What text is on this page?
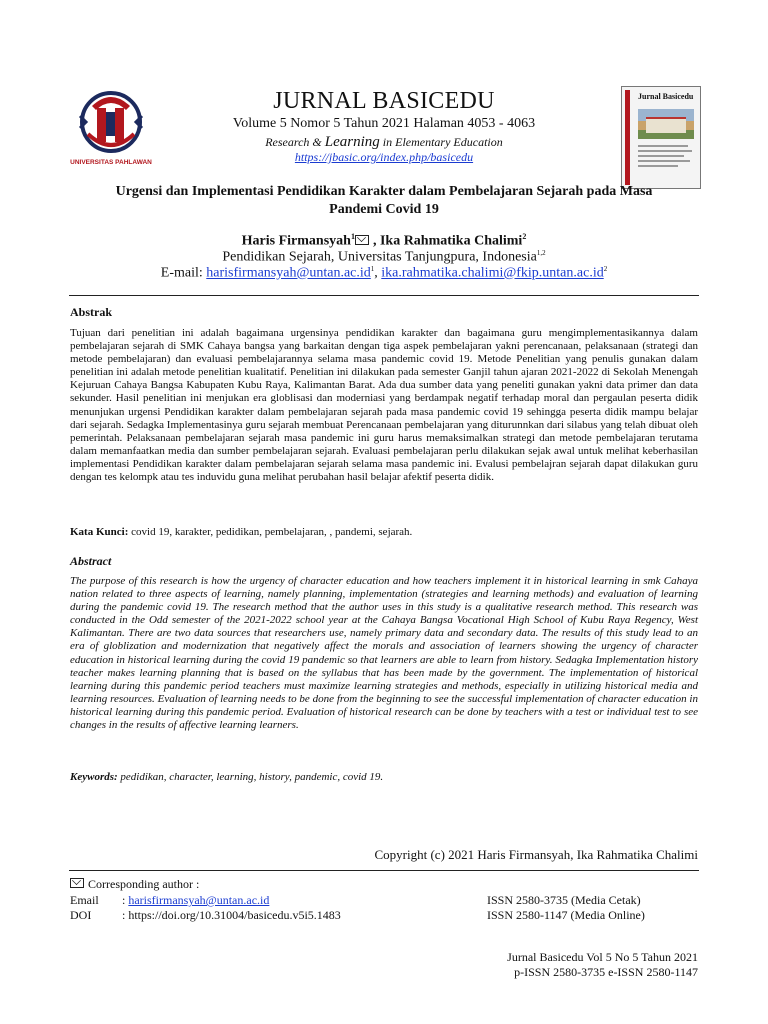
UNIVERSITAS PAHLAWAN
Jurnal Basicedu
JURNAL BASICEDU
Volume 5 Nomor 5 Tahun 2021 Halaman 4053 - 4063
Research & Learning in Elementary Education
https://jbasic.org/index.php/basicedu
Urgensi dan Implementasi Pendidikan Karakter dalam Pembelajaran Sejarah pada Masa Pandemi Covid 19
Haris Firmansyah$^1$ , Ika Rahmatika Chalimi$^2$
Pendidikan Sejarah, Universitas Tanjungpura, Indonesia$^{1,2}$
E-mail: $harisfirmansyah@untan.ac.id^1$, $ika.rahmatika.chalimi@fkip.untan.ac.id^2$
Abstrak
Tujuan dari penelitian ini adalah bagaimana urgensinya pendidikan karakter dan bagaimana guru mengimplementasikannya dalam pembelajaran sejarah di SMK Cahaya bangsa yang barkaitan dengan tiga aspek pembelajaran yakni perencanaan, pelaksanaan (strategi dan metode pembelajaran) dan evaluasi pembelajarannya selama masa pandemic covid 19. Metode Penelitian yang penulis gunakan dalam penelitian ini adalah metode penelitian kualitatif. Penelitian ini dilakukan pada semester Ganjil tahun ajaran 2021-2022 di Sekolah Menengah Kejuruan Cahaya Bangsa Kabupaten Kubu Raya, Kalimantan Barat. Ada dua sumber data yang peneliti gunakan yakni data primer dan data sekunder. Hasil penelitian ini menjukan era globlisasi dan moderniasi yang berdampak negatif terhadap moral dan pergaulan peserta didik menunjukan urgensi Pendidikan karakter dalam pembelajaran sejarah pada masa pandemic covid 19 sehingga peserta didik mampu belajar dari sejarah. Sedagka Implementasinya guru sejarah membuat Perencanaan pembelajaran yang diturunnkan dari silabus yang telah dibuat oleh pemerintah. Pelaksanaan pembelajaran sejarah masa pandemic ini guru harus memaksimalkan strategi dan metode pembelajaran terutama dalam memanfaatkan media dan sumber pembelajaran sejarah. Evaluasi pembelajaran perlu dilakukan sejak awal untuk melihat keberhasilan implementasi Pendidikan karakter dalam pembelajaran sejarah selama masa pandemic ini. Evalusi pembelajran sejarah dapat dilakukan guru dengan tes kelompk atau tes induvidu guna melihat perubahan hasil belajar afektif peserta didik.
Kata Kunci: covid 19, karakter, pedidikan, pembelajaran, , pandemi, sejarah.
Abstract
The purpose of this research is how the urgency of character education and how teachers implement it in historical learning in smk Cahaya nation related to three aspects of learning, namely planning, implementation (strategies and learning methods) and evaluation of learning during the pandemic covid 19. The research method that the author uses in this study is a qualitative research method. This research was conducted in the Odd semester of the 2021-2022 school year at the Cahaya Bangsa Vocational High School of Kubu Raya Regency, West Kalimantan. There are two data sources that researchers use, namely primary data and secondary data. The results of this study lead to an era of globlization and modernization that negatively affect the morals and association of learners showing the urgency of character education in historical learning during the covid 19 pandemic so that learners are able to learn from history. Sedagka Implementation history teacher makes learning planning that is based on the syllabus that has been made by the government. The implementation of historical learning during this pandemic period teachers must maximize learning strategies and methods, especially in utilizing historical media and learning resources. Evaluation of learning needs to be done from the beginning to see the successful implementation of character education in historical learning during this pandemic period. Evaluation of historical research can be done by teachers with a test or individual test to see changes in the results of affective learning learners.
Keywords: pedidikan, character, learning, history, pandemic, covid 19.
Copyright (c) 2021 Haris Firmansyah, Ika Rahmatika Chalimi
Corresponding author :
Email : harisfirmansyah@untan.ac.id
DOI	: https://doi.org/10.31004/basicedu.v5i5.1483
ISSN 2580-3735 (Media Cetak)
ISSN 2580-1147 (Media Online)
Jurnal Basicedu Vol 5 No 5 Tahun 2021
p-ISSN 2580-3735 e-ISSN 2580-1147
